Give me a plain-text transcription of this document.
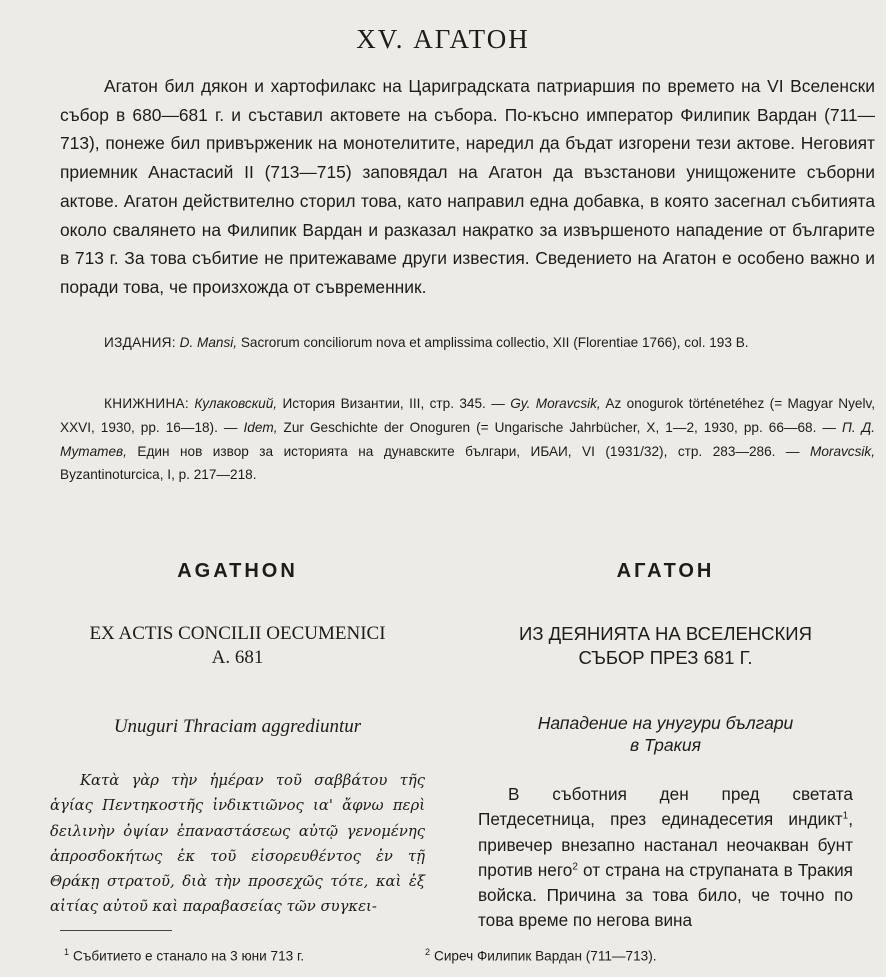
XV. АГАТОН

Агатон бил дякон и хартофилакс на Цариградската патриаршия по времето на VI Вселенски събор в 680—681 г. и съставил актовете на събора. По-късно император Филипик Вардан (711—713), понеже бил привърженик на монотелитите, наредил да бъдат изгорени тези актове. Неговият приемник Анастасий II (713—715) заповядал на Агатон да възстанови унищожените съборни актове. Агатон действително сторил това, като направил една добавка, в която засегнал събитията около свалянето на Филипик Вардан и разказал накратко за извършеното нападение от българите в 713 г. За това събитие не притежаваме други известия. Сведението на Агатон е особено важно и поради това, че произхожда от съвременник.

ИЗДАНИЯ: D. Mansi, Sacrorum conciliorum nova et amplissima collectio, XII (Florentiae 1766), col. 193 B.

КНИЖНИНА: Кулаковский, История Византии, III, стр. 345. — Gy. Moravcsik, Az onogurok történetéhez (= Magyar Nyelv, XXVI, 1930, pp. 16—18). — Idem, Zur Geschichte der Onoguren (= Ungarische Jahrbücher, X, 1—2, 1930, pp. 66—68. — П. Д. Мутaтев, Един нов извор за историята на дунавските българи, ИБАИ, VI (1931/32), стр. 283—286. — Moravcsik, Byzantinoturcica, I, p. 217—218.

AGATHON
EX ACTIS CONCILII OECUMENICI
A. 681
Unuguri Thraciam aggrediuntur

Κατὰ γὰρ τὴν ἡμέραν τοῦ σαββάτου τῆς ἁγίας Πεντηκοστῆς ἰνδικτιῶνος ια' ἄφνω περὶ δειλινὴν ὀψίαν ἐπαναστάσεως αὐτῷ γενομένης ἀπροσδοκήτως ἐκ τοῦ εἰσορευθέντος ἐν τῇ Θράκῃ στρατοῦ, διὰ τὴν προσεχῶς τότε, καὶ ἐξ αἰτίας αὐτοῦ καὶ παραβασείας τῶν συγκει-

АГАТОН
ИЗ ДЕЯНИЯТА НА ВСЕЛЕНСКИЯ
СЪБОР ПРЕЗ 681 Г.
Нападение на унугури българи
в Тракия

В съботния ден пред светата Петдесетница, през единадесетия индикт$^1$, привечер внезапно настанал неочакван бунт против него$^2$ от страна на струпаната в Тракия войска. Причина за това било, че точно по това време по негова вина

$^1$ Събитието е станало на 3 юни 713 г.	$^2$ Сиреч Филипик Вардан (711—713).
